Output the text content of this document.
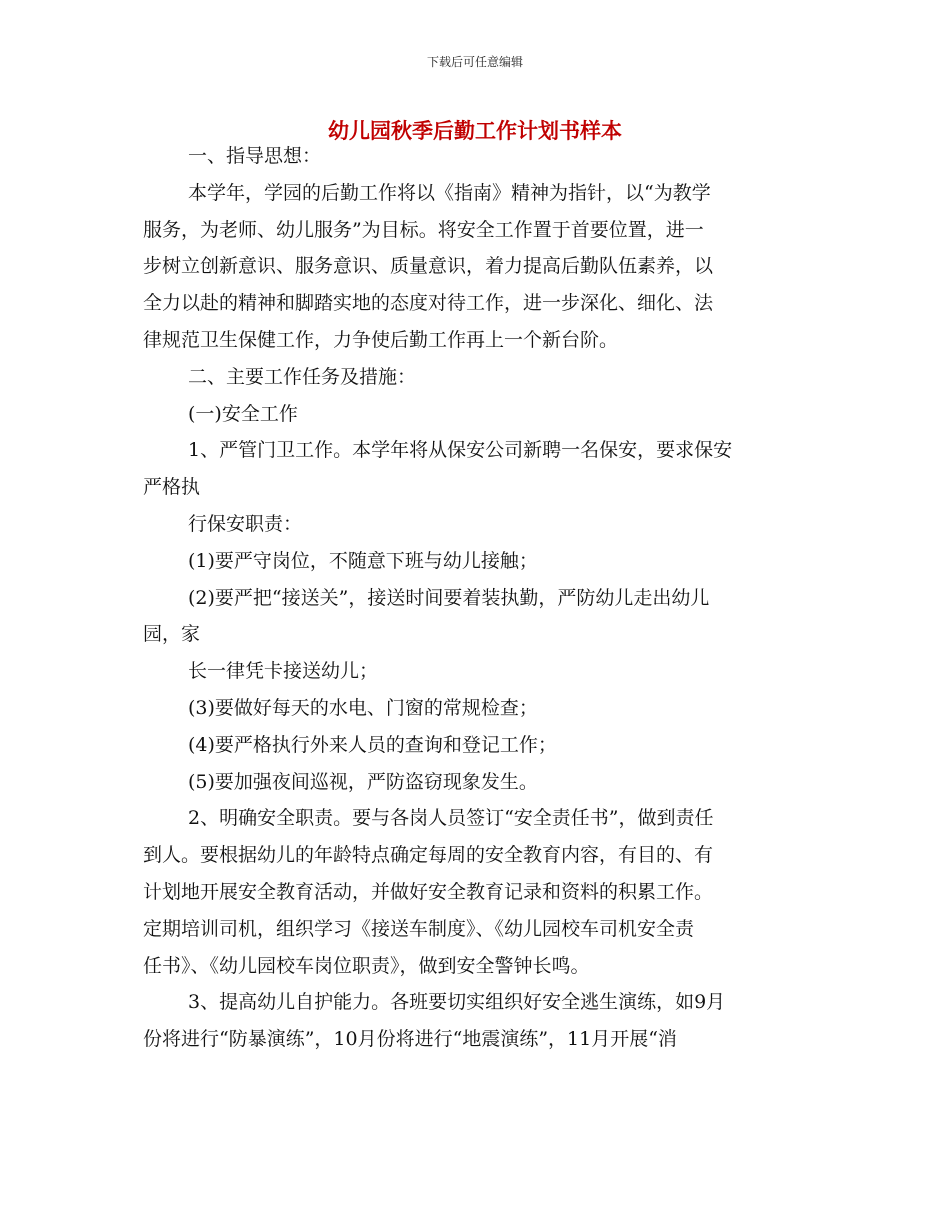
下载后可任意编辑
幼儿园秋季后勤工作计划书样本
一、指导思想：
本学年，学园的后勤工作将以《指南》精神为指针，以“为教学
服务，为老师、幼儿服务”为目标。将安全工作置于首要位置，进一
步树立创新意识、服务意识、质量意识，着力提高后勤队伍素养，以
全力以赴的精神和脚踏实地的态度对待工作，进一步深化、细化、法
律规范卫生保健工作，力争使后勤工作再上一个新台阶。
二、主要工作任务及措施：
(一)安全工作
1、严管门卫工作。本学年将从保安公司新聘一名保安，要求保安
严格执
行保安职责：
(1)要严守岗位，不随意下班与幼儿接触；
(2)要严把“接送关”，接送时间要着装执勤，严防幼儿走出幼儿
园，家
长一律凭卡接送幼儿；
(3)要做好每天的水电、门窗的常规检查；
(4)要严格执行外来人员的查询和登记工作；
(5)要加强夜间巡视，严防盗窃现象发生。
2、明确安全职责。要与各岗人员签订“安全责任书”，做到责任
到人。要根据幼儿的年龄特点确定每周的安全教育内容，有目的、有
计划地开展安全教育活动，并做好安全教育记录和资料的积累工作。
定期培训司机，组织学习《接送车制度》、《幼儿园校车司机安全责
任书》、《幼儿园校车岗位职责》，做到安全警钟长鸣。
3、提高幼儿自护能力。各班要切实组织好安全逃生演练，如9月
份将进行“防暴演练”，10月份将进行“地震演练”，11月开展“消
